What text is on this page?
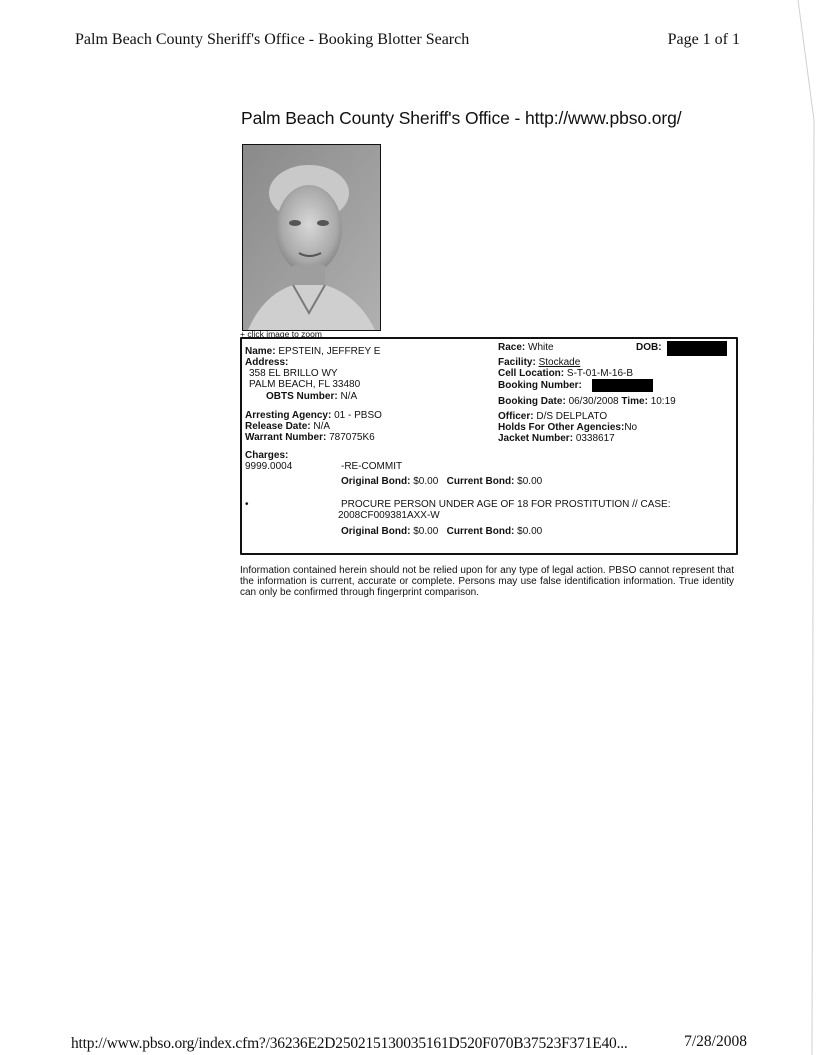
Palm Beach County Sheriff's Office - Booking Blotter Search	Page 1 of 1
Palm Beach County Sheriff's Office - http://www.pbso.org/
+ click image to zoom
Name: EPSTEIN, JEFFREY E
Address:
358 EL BRILLO WY
PALM BEACH, FL 33480
OBTS Number: N/A
Arresting Agency: 01 - PBSO
Release Date: N/A
Warrant Number: 787075K6
Charges:
Race: White	DOB:
Facility: Stockade
Cell Location: S-T-01-M-16-B
Booking Number:
Booking Date: 06/30/2008 Time: 10:19
Officer: D/S DELPLATO
Holds For Other Agencies:No
Jacket Number: 0338617
9999.0004	-RE-COMMIT
Original Bond: $0.00 Current Bond: $0.00
•	PROCURE PERSON UNDER AGE OF 18 FOR PROSTITUTION // CASE:
2008CF009381AXX-W
Original Bond: $0.00 Current Bond: $0.00
Information contained herein should not be relied upon for any type of legal action. PBSO cannot represent that the information is current, accurate or complete. Persons may use false identification information. True identity can only be confirmed through fingerprint comparison.
http://www.pbso.org/index.cfm?/36236E2D250215130035161D520F070B37523F371E40...	7/28/2008
